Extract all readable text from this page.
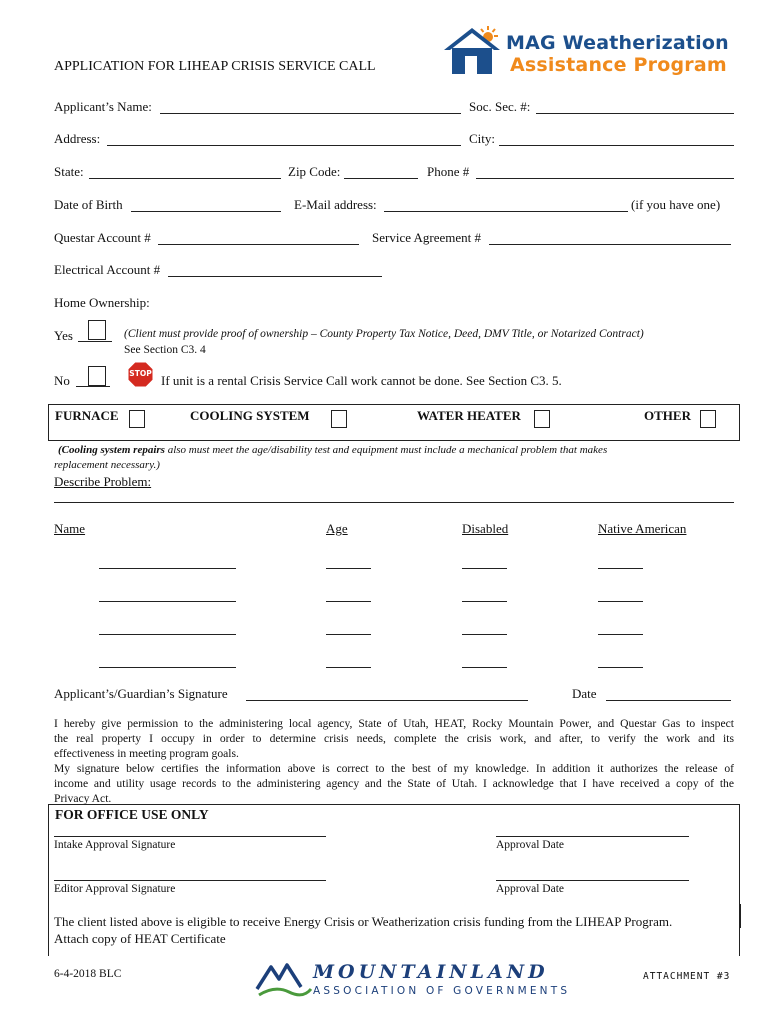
MAG Weatherization
Assistance Program
APPLICATION FOR LIHEAP CRISIS SERVICE CALL
Applicant’s Name:	Soc. Sec. #:
Address:	City:
State:	Zip Code:	Phone #
Date of Birth	E-Mail address:	(if you have one)
Questar Account #	Service Agreement #
Electrical Account #
Home Ownership:
Yes	(Client must provide proof of ownership – County Property Tax Notice, Deed, DMV Title, or Notarized Contract)
See Section C3. 4
No	STOP If unit is a rental Crisis Service Call work cannot be done. See Section C3. 5.
FURNACE	COOLING SYSTEM	WATER HEATER	OTHER
(Cooling system repairs also must meet the age/disability test and equipment must include a mechanical problem that makes
replacement necessary.)
Describe Problem:
Name	Age	Disabled	Native American
Applicant’s/Guardian’s Signature	Date
I hereby give permission to the administering local agency, State of Utah, HEAT, Rocky Mountain Power, and Questar Gas to inspect
the real property I occupy in order to determine crisis needs, complete the crisis work, and after, to verify the work and its
effectiveness in meeting program goals.
My signature below certifies the information above is correct to the best of my knowledge. In addition it authorizes the release of
income and utility usage records to the administering agency and the State of Utah. I acknowledge that I have received a copy of the
Privacy Act.
FOR OFFICE USE ONLY
Intake Approval Signature	Approval Date
Editor Approval Signature	Approval Date
The client listed above is eligible to receive Energy Crisis or Weatherization crisis funding from the LIHEAP Program.
Attach copy of HEAT Certificate
6-4-2018 BLC	MOUNTAINLAND
ASSOCIATION OF GOVERNMENTS
ATTACHMENT #3
